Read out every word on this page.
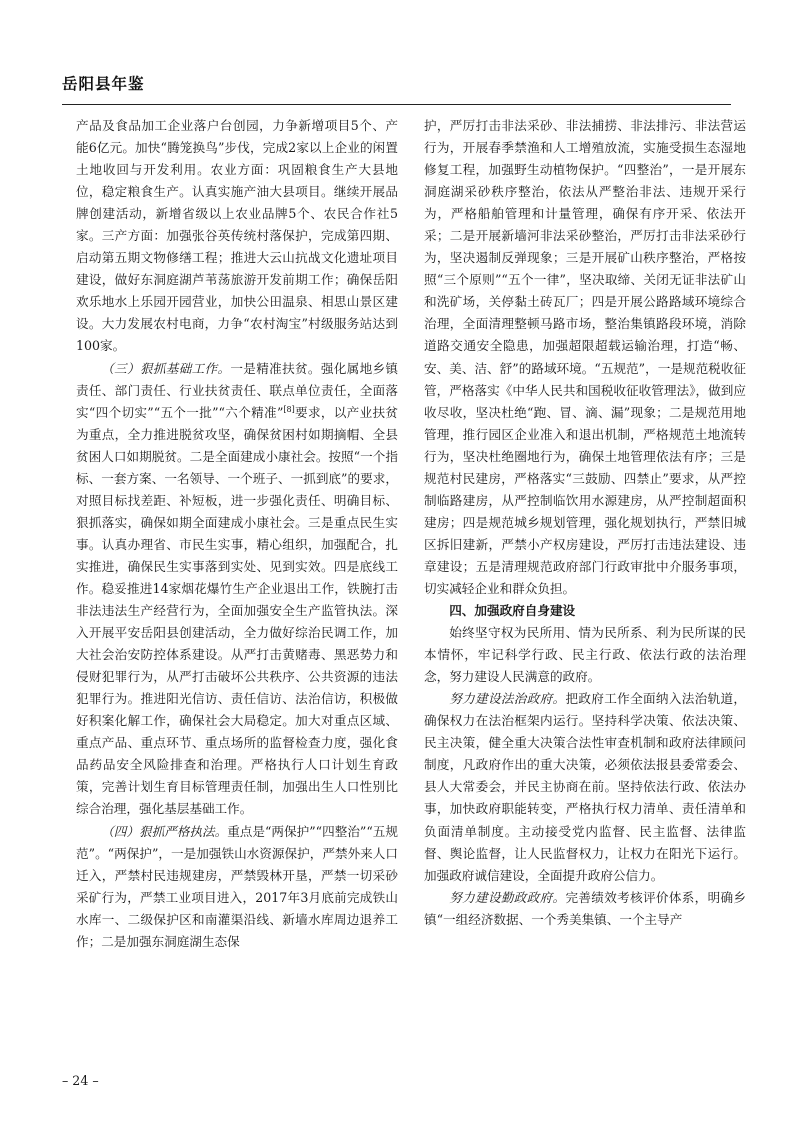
岳阳县年鉴

产品及食品加工企业落户台创园，力争新增项目5个、产能6亿元。加快“腾笼换鸟”步伐，完成2家以上企业的闲置土地收回与开发利用。农业方面：巩固粮食生产大县地位，稳定粮食生产。认真实施产油大县项目。继续开展品牌创建活动，新增省级以上农业品牌5个、农民合作社5家。三产方面：加强张谷英传统村落保护，完成第四期、启动第五期文物修缮工程；推进大云山抗战文化遗址项目建设，做好东洞庭湖芦苇荡旅游开发前期工作；确保岳阳欢乐地水上乐园开园营业，加快公田温泉、相思山景区建设。大力发展农村电商，力争“农村淘宝”村级服务站达到100家。

（三）狠抓基础工作。一是精准扶贫。强化属地乡镇责任、部门责任、行业扶贫责任、联点单位责任，全面落实“四个切实”“五个一批”“六个精准”[8]要求，以产业扶贫为重点，全力推进脱贫攻坚，确保贫困村如期摘帽、全县贫困人口如期脱贫。二是全面建成小康社会。按照“一个指标、一套方案、一名领导、一个班子、一抓到底”的要求，对照目标找差距、补短板，进一步强化责任、明确目标、狠抓落实，确保如期全面建成小康社会。三是重点民生实事。认真办理省、市民生实事，精心组织，加强配合，扎实推进，确保民生实事落到实处、见到实效。四是底线工作。稳妥推进14家烟花爆竹生产企业退出工作，铁腕打击非法违法生产经营行为，全面加强安全生产监管执法。深入开展平安岳阳县创建活动，全力做好综治民调工作，加大社会治安防控体系建设。从严打击黄赌毒、黑恶势力和侵财犯罪行为，从严打击破坏公共秩序、公共资源的违法犯罪行为。推进阳光信访、责任信访、法治信访，积极做好积案化解工作，确保社会大局稳定。加大对重点区域、重点产品、重点环节、重点场所的监督检查力度，强化食品药品安全风险排查和治理。严格执行人口计划生育政策，完善计划生育目标管理责任制，加强出生人口性别比综合治理，强化基层基础工作。

（四）狠抓严格执法。重点是“两保护”“四整治”“五规范”。“两保护”，一是加强铁山水资源保护，严禁外来人口迁入，严禁村民违规建房，严禁毁林开垦，严禁一切采砂采矿行为，严禁工业项目进入，2017年3月底前完成铁山水库一、二级保护区和南灌渠沿线、新墙水库周边退养工作；二是加强东洞庭湖生态保

护，严厉打击非法采砂、非法捕捞、非法排污、非法营运行为，开展春季禁渔和人工增殖放流，实施受损生态湿地修复工程，加强野生动植物保护。“四整治”，一是开展东洞庭湖采砂秩序整治，依法从严整治非法、违规开采行为，严格船舶管理和计量管理，确保有序开采、依法开采；二是开展新墙河非法采砂整治，严厉打击非法采砂行为，坚决遏制反弹现象；三是开展矿山秩序整治，严格按照“三个原则”“五个一律”，坚决取缔、关闭无证非法矿山和洗矿场，关停黏土砖瓦厂；四是开展公路路域环境综合治理，全面清理整顿马路市场，整治集镇路段环境，消除道路交通安全隐患，加强超限超载运输治理，打造“畅、安、美、洁、舒”的路域环境。“五规范”，一是规范税收征管，严格落实《中华人民共和国税收征收管理法》，做到应收尽收，坚决杜绝“跑、冒、滴、漏”现象；二是规范用地管理，推行园区企业准入和退出机制，严格规范土地流转行为，坚决杜绝圈地行为，确保土地管理依法有序；三是规范村民建房，严格落实“三鼓励、四禁止”要求，从严控制临路建房，从严控制临饮用水源建房，从严控制超面积建房；四是规范城乡规划管理，强化规划执行，严禁旧城区拆旧建新，严禁小产权房建设，严厉打击违法建设、违章建设；五是清理规范政府部门行政审批中介服务事项，切实减轻企业和群众负担。

四、加强政府自身建设

始终坚守权为民所用、情为民所系、利为民所谋的民本情怀，牢记科学行政、民主行政、依法行政的法治理念，努力建设人民满意的政府。

努力建设法治政府。把政府工作全面纳入法治轨道，确保权力在法治框架内运行。坚持科学决策、依法决策、民主决策，健全重大决策合法性审查机制和政府法律顾问制度，凡政府作出的重大决策，必须依法报县委常委会、县人大常委会，并民主协商在前。坚持依法行政、依法办事，加快政府职能转变，严格执行权力清单、责任清单和负面清单制度。主动接受党内监督、民主监督、法律监督、舆论监督，让人民监督权力，让权力在阳光下运行。加强政府诚信建设，全面提升政府公信力。

努力建设勤政政府。完善绩效考核评价体系，明确乡镇“一组经济数据、一个秀美集镇、一个主导产

– 24 –
